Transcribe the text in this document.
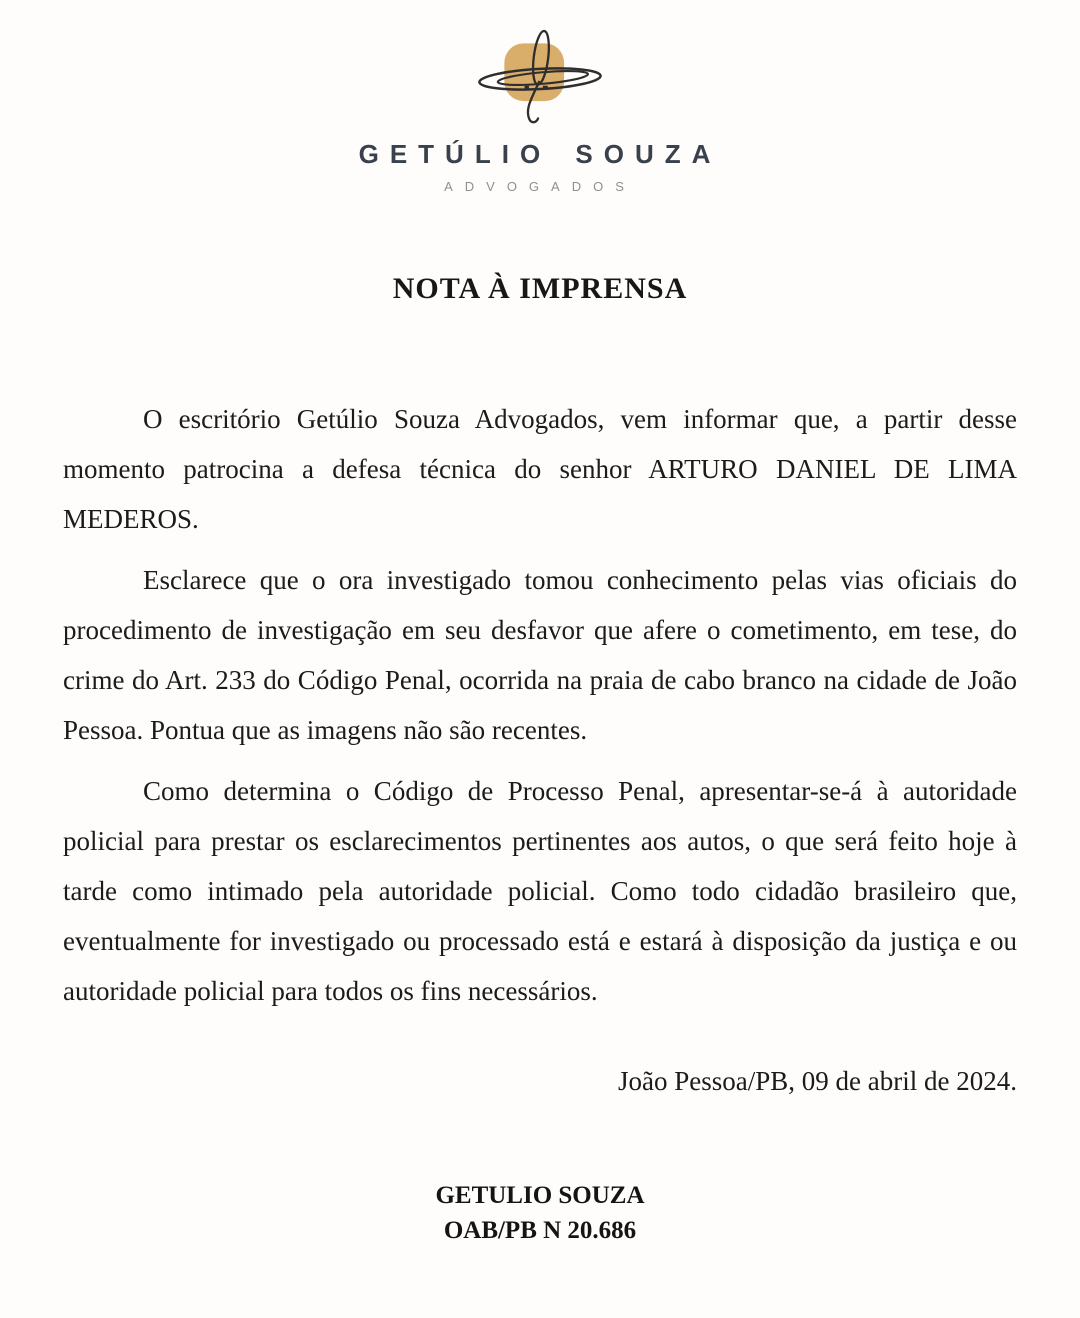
GETÚLIO SOUZA
ADVOGADOS
NOTA À IMPRENSA

O escritório Getúlio Souza Advogados, vem informar que, a partir desse momento patrocina a defesa técnica do senhor ARTURO DANIEL DE LIMA MEDEROS.

Esclarece que o ora investigado tomou conhecimento pelas vias oficiais do procedimento de investigação em seu desfavor que afere o cometimento, em tese, do crime do Art. 233 do Código Penal, ocorrida na praia de cabo branco na cidade de João Pessoa. Pontua que as imagens não são recentes.

Como determina o Código de Processo Penal, apresentar-se-á à autoridade policial para prestar os esclarecimentos pertinentes aos autos, o que será feito hoje à tarde como intimado pela autoridade policial. Como todo cidadão brasileiro que, eventualmente for investigado ou processado está e estará à disposição da justiça e ou autoridade policial para todos os fins necessários.

João Pessoa/PB, 09 de abril de 2024.
GETULIO SOUZA
OAB/PB N 20.686
